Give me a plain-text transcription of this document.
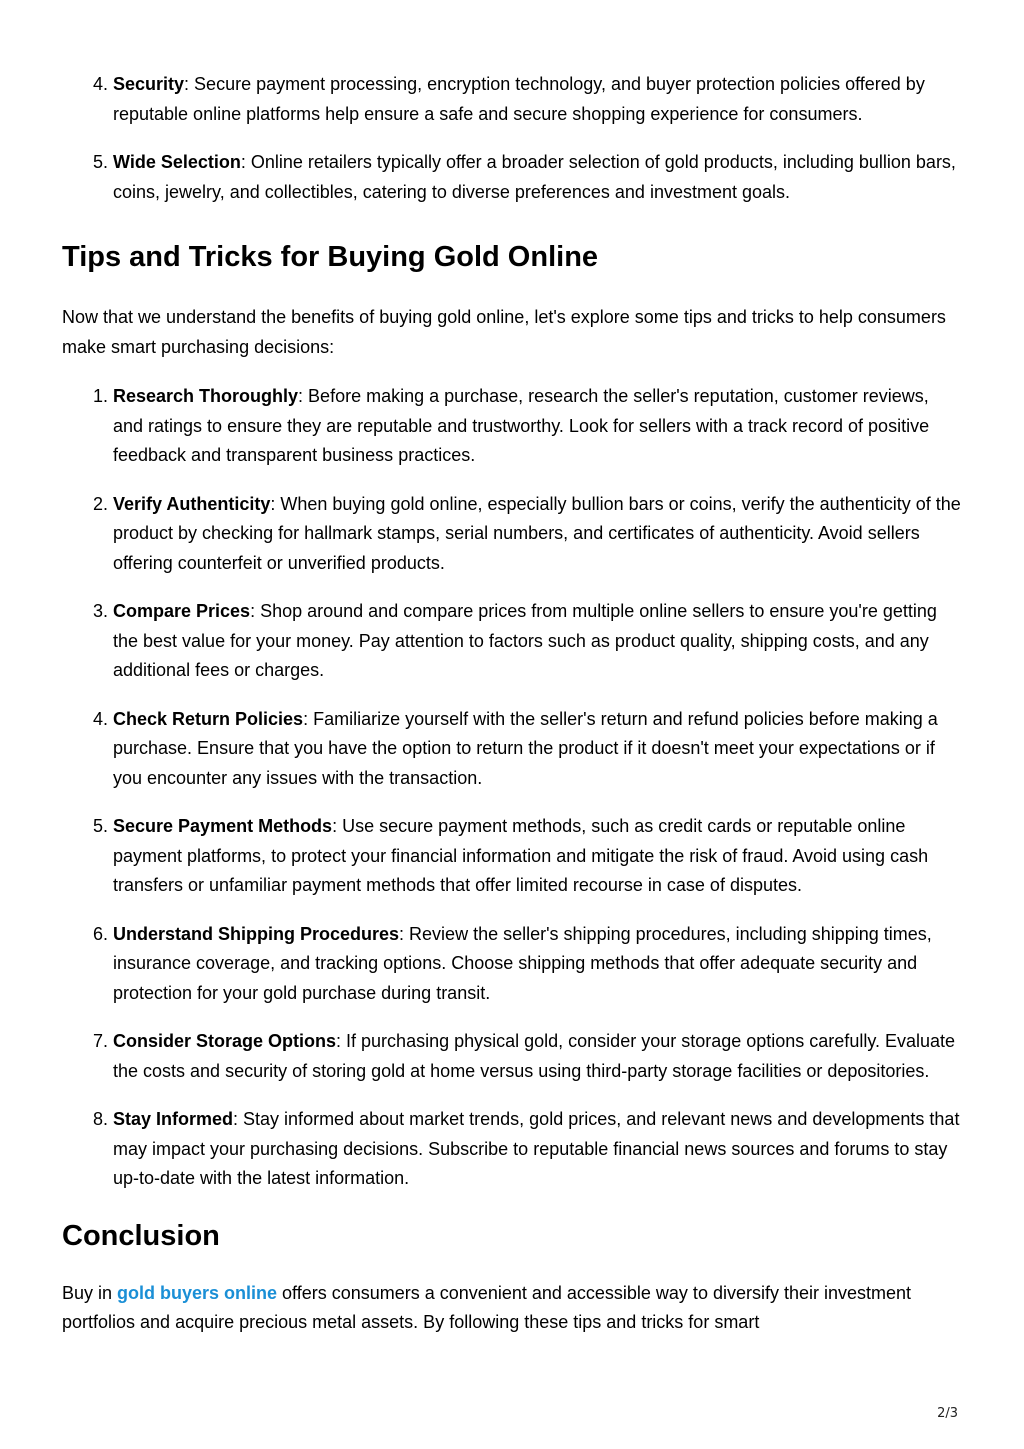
4. Security: Secure payment processing, encryption technology, and buyer protection policies offered by reputable online platforms help ensure a safe and secure shopping experience for consumers.
5. Wide Selection: Online retailers typically offer a broader selection of gold products, including bullion bars, coins, jewelry, and collectibles, catering to diverse preferences and investment goals.
Tips and Tricks for Buying Gold Online

Now that we understand the benefits of buying gold online, let's explore some tips and tricks to help consumers make smart purchasing decisions:

1. Research Thoroughly: Before making a purchase, research the seller's reputation, customer reviews, and ratings to ensure they are reputable and trustworthy. Look for sellers with a track record of positive feedback and transparent business practices.
2. Verify Authenticity: When buying gold online, especially bullion bars or coins, verify the authenticity of the product by checking for hallmark stamps, serial numbers, and certificates of authenticity. Avoid sellers offering counterfeit or unverified products.
3. Compare Prices: Shop around and compare prices from multiple online sellers to ensure you're getting the best value for your money. Pay attention to factors such as product quality, shipping costs, and any additional fees or charges.
4. Check Return Policies: Familiarize yourself with the seller's return and refund policies before making a purchase. Ensure that you have the option to return the product if it doesn't meet your expectations or if you encounter any issues with the transaction.
5. Secure Payment Methods: Use secure payment methods, such as credit cards or reputable online payment platforms, to protect your financial information and mitigate the risk of fraud. Avoid using cash transfers or unfamiliar payment methods that offer limited recourse in case of disputes.
6. Understand Shipping Procedures: Review the seller's shipping procedures, including shipping times, insurance coverage, and tracking options. Choose shipping methods that offer adequate security and protection for your gold purchase during transit.
7. Consider Storage Options: If purchasing physical gold, consider your storage options carefully. Evaluate the costs and security of storing gold at home versus using third-party storage facilities or depositories.
8. Stay Informed: Stay informed about market trends, gold prices, and relevant news and developments that may impact your purchasing decisions. Subscribe to reputable financial news sources and forums to stay up-to-date with the latest information.
Conclusion

Buy in gold buyers online offers consumers a convenient and accessible way to diversify their investment portfolios and acquire precious metal assets. By following these tips and tricks for smart

2/3
